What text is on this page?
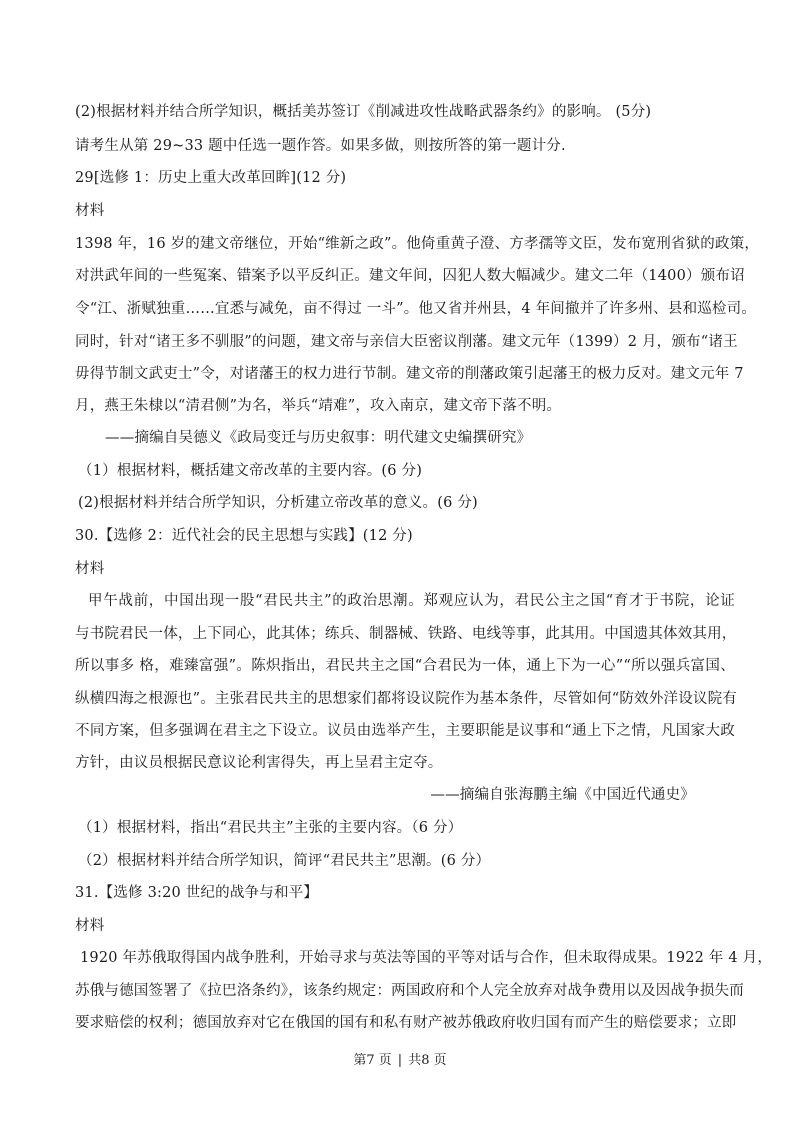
(2)根据材料并结合所学知识，概括美苏签订《削减进攻性战略武器条约》的影响。 (5分)
请考生从第 29~33 题中任选一题作答。如果多做，则按所答的第一题计分.
29[选修 1：历史上重大改革回眸](12 分)
材料
1398 年，16 岁的建文帝继位，开始“维新之政”。他倚重黄子澄、方孝孺等文臣，发布宽刑省狱的政策，
对洪武年间的一些冤案、错案予以平反纠正。建文年间，囚犯人数大幅减少。建文二年（1400）颁布诏
令“江、浙赋独重……宜悉与减免，亩不得过 一斗”。他又省并州县，4 年间撤并了许多州、县和巡检司。
同时，针对“诸王多不驯服”的问题，建文帝与亲信大臣密议削藩。建文元年（1399）2 月，颁布“诸王
毋得节制文武吏士”令，对诸藩王的权力进行节制。建文帝的削藩政策引起藩王的极力反对。建文元年 7
月，燕王朱棣以“清君侧”为名，举兵“靖难”，攻入南京，建文帝下落不明。
——摘编自吴德义《政局变迁与历史叙事：明代建文史编撰研究》
（1）根据材料，概括建文帝改革的主要内容。(6 分)
(2)根据材料并结合所学知识，分析建立帝改革的意义。(6 分)
30.【选修 2：近代社会的民主思想与实践】(12 分)
材料
甲午战前，中国出现一股“君民共主”的政治思潮。郑观应认为，君民公主之国“育才于书院，论证
与书院君民一体，上下同心，此其体；练兵、制器械、铁路、电线等事，此其用。中国遗其体效其用，
所以事多 格，难臻富强”。陈炽指出，君民共主之国“合君民为一体，通上下为一心”“所以强兵富国、
纵横四海之根源也”。主张君民共主的思想家们都将设议院作为基本条件，尽管如何“防效外洋设议院有
不同方案，但多强调在君主之下设立。议员由选举产生，主要职能是议事和“通上下之情，凡国家大政
方针，由议员根据民意议论利害得失，再上呈君主定夺。
——摘编自张海鹏主编《中国近代通史》
（1）根据材料，指出“君民共主”主张的主要内容。（6 分）
（2）根据材料并结合所学知识，简评“君民共主”思潮。(6 分）
31.【选修 3:20 世纪的战争与和平】
材料
1920 年苏俄取得国内战争胜利，开始寻求与英法等国的平等对话与合作，但未取得成果。1922 年 4 月，
苏俄与德国签署了《拉巴洛条约》，该条约规定：两国政府和个人完全放弃对战争费用以及因战争损失而
要求赔偿的权利；德国放弃对它在俄国的国有和私有财产被苏俄政府收归国有而产生的赔偿要求；立即
第7 页 | 共8 页
